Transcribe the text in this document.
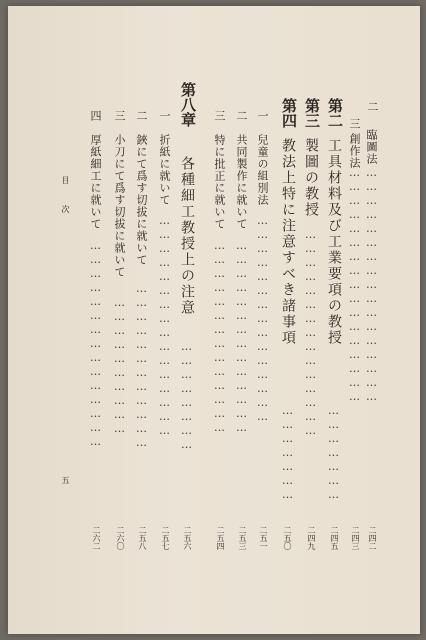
二
臨圖法
……………………………………………
二四二
三
創作法
……………………………………………
二四三
第二
工具材料及び工業要項の教授
…………………
二四五
第三
製圖の教授
………………………………………
二四九
第四
教法上特に注意すべき諸事項
…………………
二五〇
一
兒童の組別法
………………………………………
二五一
二
共同製作に就いて
……………………………………
二五三
三
特に批正に就いて
……………………………………
二五四
第八章
各種細工教授上の注意
……………………
二五六
一
折紙に就いて
…………………………………………
二五七
二
鋏にて爲す切拔に就いて
………………………………
二五八
三
小刀にて爲す切拔に就いて
…………………………
二六〇
四
厚紙細工に就いて
………………………………………
二六二
目 次
五
